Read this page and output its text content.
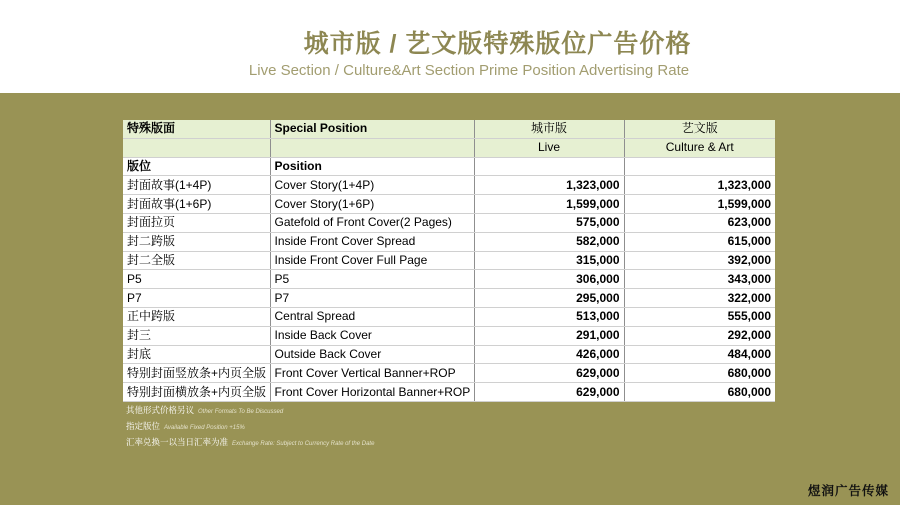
城市版 / 艺文版特殊版位广告价格
Live Section / Culture&Art Section Prime Position Advertising Rate
特殊版面	Special Position	城市版	艺文版
		Live	Culture & Art
版位	Position		
封面故事(1+4P)	Cover Story(1+4P)	1,323,000	1,323,000
封面故事(1+6P)	Cover Story(1+6P)	1,599,000	1,599,000
封面拉页	Gatefold of Front Cover(2 Pages)	575,000	623,000
封二跨版	Inside Front Cover Spread	582,000	615,000
封二全版	Inside Front Cover Full Page	315,000	392,000
P5	P5	306,000	343,000
P7	P7	295,000	322,000
正中跨版	Central Spread	513,000	555,000
封三	Inside Back Cover	291,000	292,000
封底	Outside Back Cover	426,000	484,000
特别封面竖放条+内页全版	Front Cover Vertical Banner+ROP	629,000	680,000
特别封面横放条+内页全版	Front Cover Horizontal Banner+ROP	629,000	680,000
其他形式价格另议 Other Formats To Be Discussed
指定版位 Available Fixed Position +15%
汇率兑换一以当日汇率为准 Exchange Rate: Subject to Currency Rate of the Date
煜润广告传媒
